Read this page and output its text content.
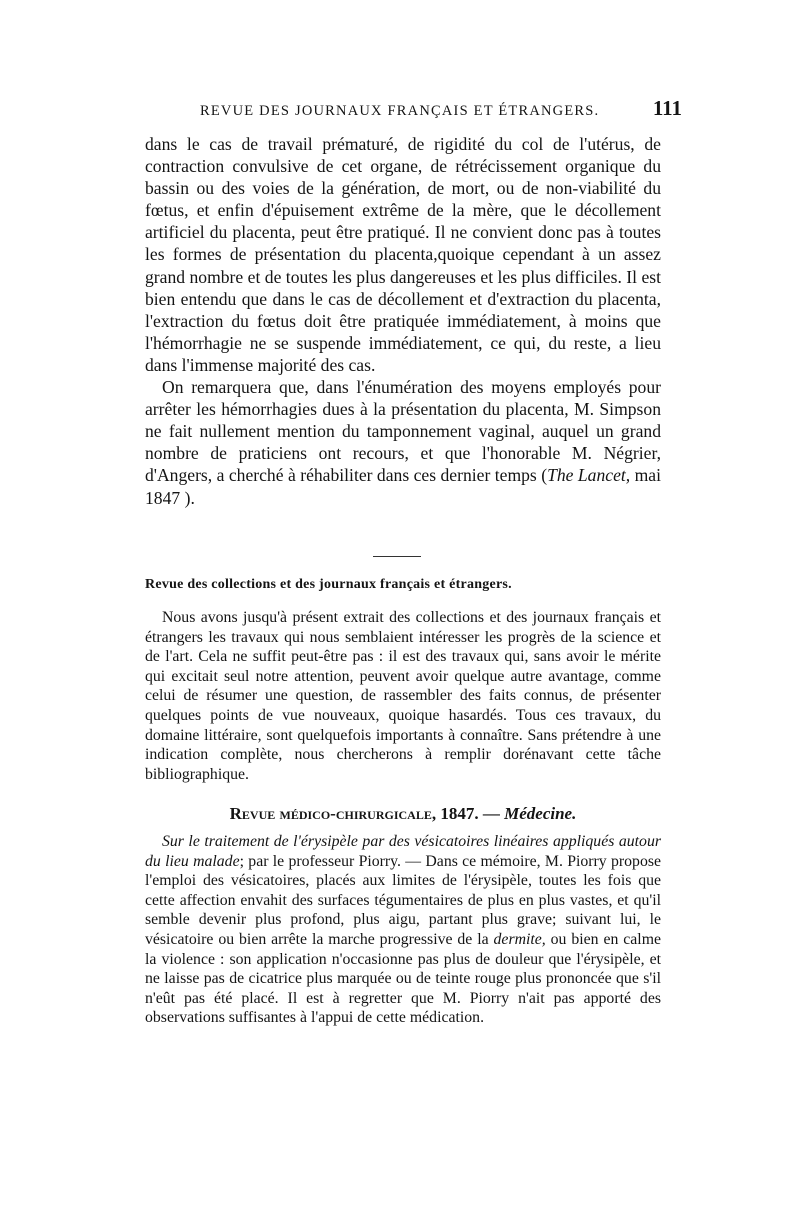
REVUE DES JOURNAUX FRANÇAIS ET ÉTRANGERS.	111

dans le cas de travail prématuré, de rigidité du col de l'utérus, de contraction convulsive de cet organe, de rétrécissement organique du bassin ou des voies de la génération, de mort, ou de non-viabilité du fœtus, et enfin d'épuisement extrême de la mère, que le décollement artificiel du placenta, peut être pratiqué. Il ne convient donc pas à toutes les formes de présentation du placenta,quoique cependant à un assez grand nombre et de toutes les plus dangereuses et les plus difficiles. Il est bien entendu que dans le cas de décollement et d'extraction du placenta, l'extraction du fœtus doit être pratiquée immédiatement, à moins que l'hémorrhagie ne se suspende immédiatement, ce qui, du reste, a lieu dans l'immense majorité des cas.

On remarquera que, dans l'énumération des moyens employés pour arrêter les hémorrhagies dues à la présentation du placenta, M. Simpson ne fait nullement mention du tamponnement vaginal, auquel un grand nombre de praticiens ont recours, et que l'honorable M. Négrier, d'Angers, a cherché à réhabiliter dans ces dernier temps (The Lancet, mai 1847 ).

Revue des collections et des journaux français et étrangers.

Nous avons jusqu'à présent extrait des collections et des journaux français et étrangers les travaux qui nous semblaient intéresser les progrès de la science et de l'art. Cela ne suffit peut-être pas : il est des travaux qui, sans avoir le mérite qui excitait seul notre attention, peuvent avoir quelque autre avantage, comme celui de résumer une question, de rassembler des faits connus, de présenter quelques points de vue nouveaux, quoique hasardés. Tous ces travaux, du domaine littéraire, sont quelquefois importants à connaître. Sans prétendre à une indication complète, nous chercherons à remplir dorénavant cette tâche bibliographique.

Revue médico-chirurgicale, 1847. — Médecine.

Sur le traitement de l'érysipèle par des vésicatoires linéaires appliqués autour du lieu malade; par le professeur Piorry. — Dans ce mémoire, M. Piorry propose l'emploi des vésicatoires, placés aux limites de l'érysipèle, toutes les fois que cette affection envahit des surfaces tégumentaires de plus en plus vastes, et qu'il semble devenir plus profond, plus aigu, partant plus grave; suivant lui, le vésicatoire ou bien arrête la marche progressive de la dermite, ou bien en calme la violence : son application n'occasionne pas plus de douleur que l'érysipèle, et ne laisse pas de cicatrice plus marquée ou de teinte rouge plus prononcée que s'il n'eût pas été placé. Il est à regretter que M. Piorry n'ait pas apporté des observations suffisantes à l'appui de cette médication.
